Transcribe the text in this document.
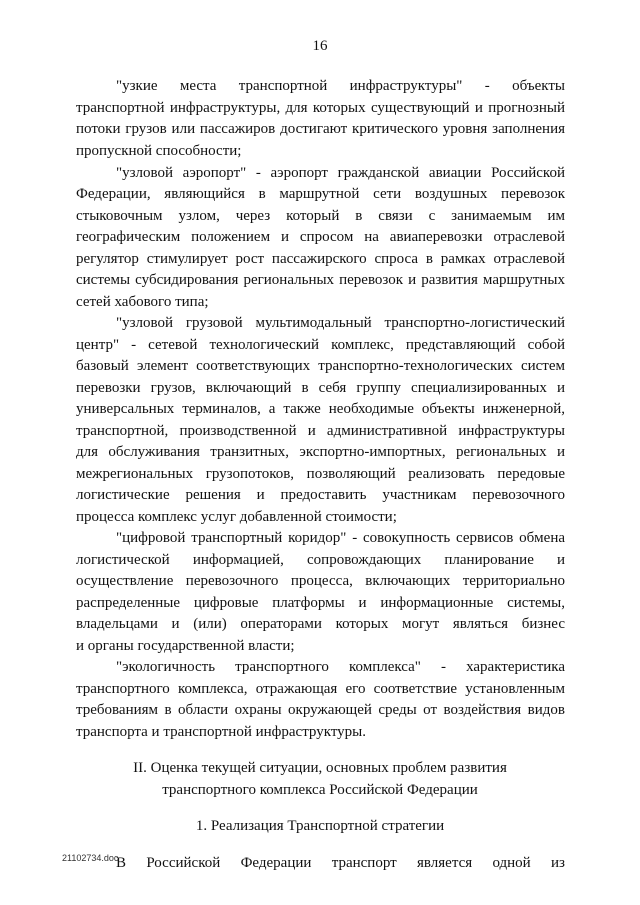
16
"узкие места транспортной инфраструктуры" - объекты
транспортной инфраструктуры, для которых существующий и прогнозный
потоки грузов или пассажиров достигают критического уровня заполнения
пропускной способности;
"узловой аэропорт" - аэропорт гражданской авиации Российской
Федерации, являющийся в маршрутной сети воздушных перевозок
стыковочным узлом, через который в связи с занимаемым им
географическим положением и спросом на авиаперевозки отраслевой
регулятор стимулирует рост пассажирского спроса в рамках отраслевой
системы субсидирования региональных перевозок и развития маршрутных
сетей хабового типа;
"узловой грузовой мультимодальный транспортно-логистический
центр" - сетевой технологический комплекс, представляющий собой
базовый элемент соответствующих транспортно-технологических систем
перевозки грузов, включающий в себя группу специализированных и
универсальных терминалов, а также необходимые объекты инженерной,
транспортной, производственной и административной инфраструктуры
для обслуживания транзитных, экспортно-импортных, региональных и
межрегиональных грузопотоков, позволяющий реализовать передовые
логистические решения и предоставить участникам перевозочного
процесса комплекс услуг добавленной стоимости;
"цифровой транспортный коридор" - совокупность сервисов обмена
логистической информацией, сопровождающих планирование и
осуществление перевозочного процесса, включающих территориально
распределенные цифровые платформы и информационные системы,
владельцами и (или) операторами которых могут являться бизнес
и органы государственной власти;
"экологичность транспортного комплекса" - характеристика
транспортного комплекса, отражающая его соответствие установленным
требованиям в области охраны окружающей среды от воздействия видов
транспорта и транспортной инфраструктуры.
II. Оценка текущей ситуации, основных проблем развития
транспортного комплекса Российской Федерации
1. Реализация Транспортной стратегии
В Российской Федерации транспорт является одной из
21102734.doc
